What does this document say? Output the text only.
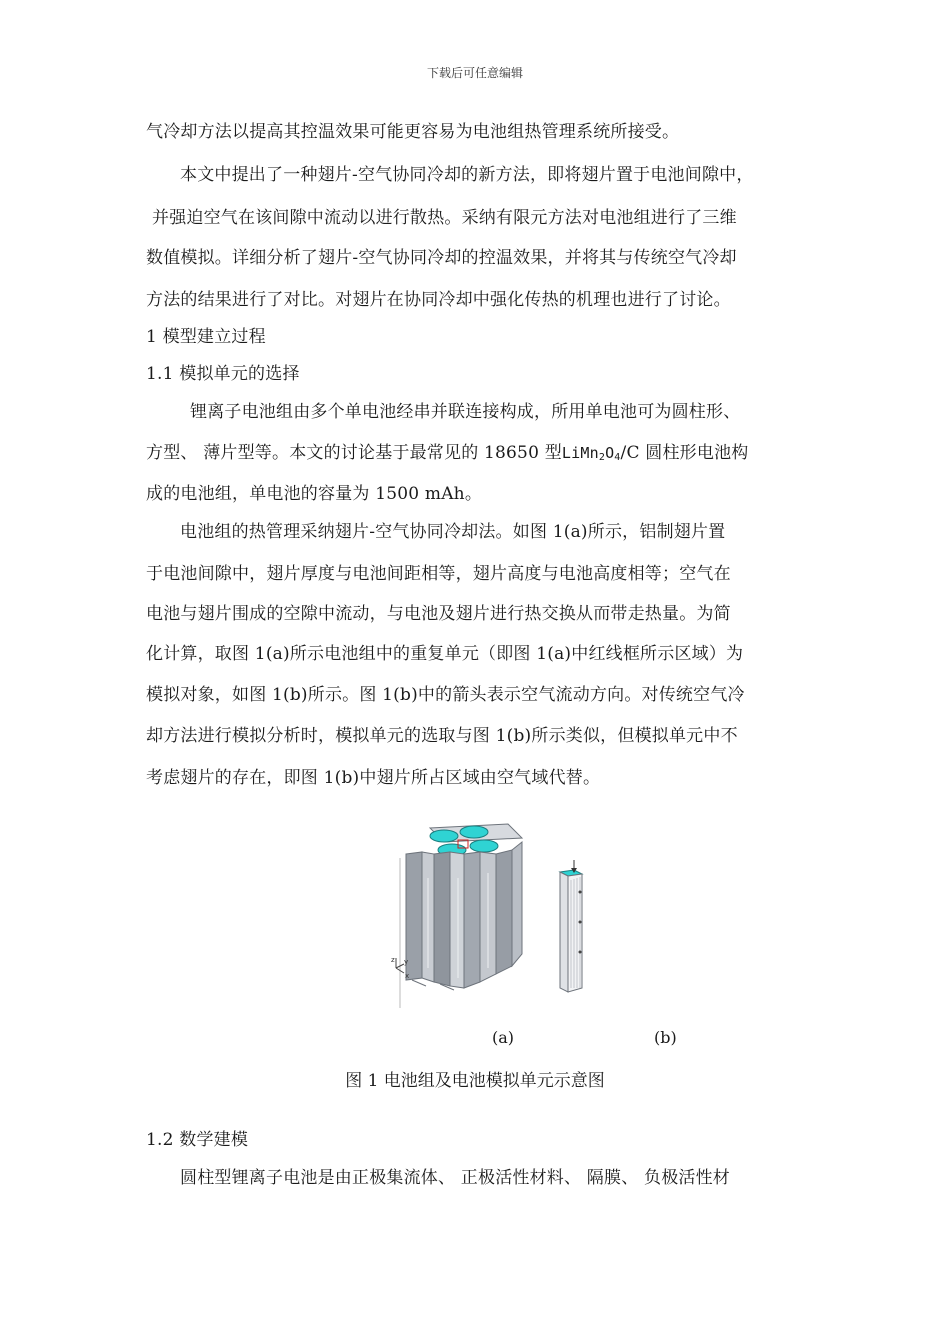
下载后可任意编辑
气冷却方法以提高其控温效果可能更容易为电池组热管理系统所接受。
本文中提出了一种翅片-空气协同冷却的新方法，即将翅片置于电池间隙中，
并强迫空气在该间隙中流动以进行散热。采纳有限元方法对电池组进行了三维
数值模拟。详细分析了翅片-空气协同冷却的控温效果，并将其与传统空气冷却
方法的结果进行了对比。对翅片在协同冷却中强化传热的机理也进行了讨论。
1 模型建立过程
1.1 模拟单元的选择
锂离子电池组由多个单电池经串并联连接构成，所用单电池可为圆柱形、
方型、 薄片型等。本文的讨论基于最常见的 18650 型$LiMn_2O_4/C$ 圆柱形电池构
成的电池组，单电池的容量为 1500 mAh。
电池组的热管理采纳翅片-空气协同冷却法。如图 1(a)所示，铝制翅片置
于电池间隙中，翅片厚度与电池间距相等，翅片高度与电池高度相等；空气在
电池与翅片围成的空隙中流动，与电池及翅片进行热交换从而带走热量。为简
化计算，取图 1(a)所示电池组中的重复单元（即图 1(a)中红线框所示区域）为
模拟对象，如图 1(b)所示。图 1(b)中的箭头表示空气流动方向。对传统空气冷
却方法进行模拟分析时，模拟单元的选取与图 1(b)所示类似，但模拟单元中不
考虑翅片的存在，即图 1(b)中翅片所占区域由空气域代替。
z y
x
(a)	(b)
图 1 电池组及电池模拟单元示意图
1.2 数学建模
圆柱型锂离子电池是由正极集流体、 正极活性材料、 隔膜、 负极活性材
